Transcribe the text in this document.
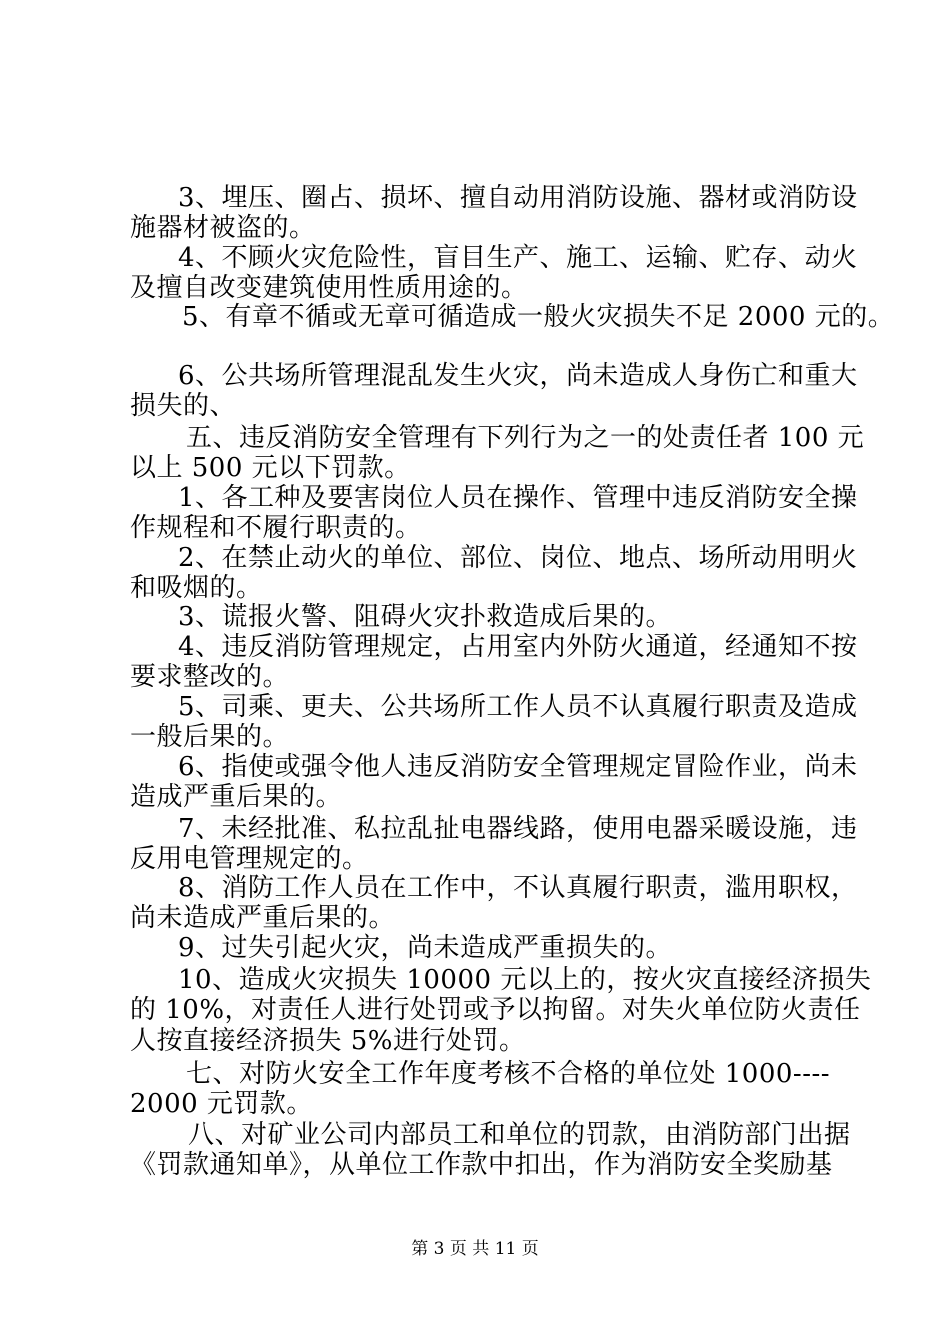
3、埋压、圈占、损坏、擅自动用消防设施、器材或消防设
施器材被盗的。
4、不顾火灾危险性，盲目生产、施工、运输、贮存、动火
及擅自改变建筑使用性质用途的。
5、有章不循或无章可循造成一般火灾损失不足 2000 元的。
6、公共场所管理混乱发生火灾，尚未造成人身伤亡和重大
损失的、
五、违反消防安全管理有下列行为之一的处责任者 100 元
以上 500 元以下罚款。
1、各工种及要害岗位人员在操作、管理中违反消防安全操
作规程和不履行职责的。
2、在禁止动火的单位、部位、岗位、地点、场所动用明火
和吸烟的。
3、谎报火警、阻碍火灾扑救造成后果的。
4、违反消防管理规定，占用室内外防火通道，经通知不按
要求整改的。
5、司乘、更夫、公共场所工作人员不认真履行职责及造成
一般后果的。
6、指使或强令他人违反消防安全管理规定冒险作业，尚未
造成严重后果的。
7、未经批准、私拉乱扯电器线路，使用电器采暖设施，违
反用电管理规定的。
8、消防工作人员在工作中，不认真履行职责，滥用职权，
尚未造成严重后果的。
9、过失引起火灾，尚未造成严重损失的。
10、造成火灾损失 10000 元以上的，按火灾直接经济损失
的 10%，对责任人进行处罚或予以拘留。对失火单位防火责任
人按直接经济损失 5%进行处罚。
七、对防火安全工作年度考核不合格的单位处 1000----
2000 元罚款。
八、对矿业公司内部员工和单位的罚款，由消防部门出据
《罚款通知单》，从单位工作款中扣出，作为消防安全奖励基
第 3 页 共 11 页
